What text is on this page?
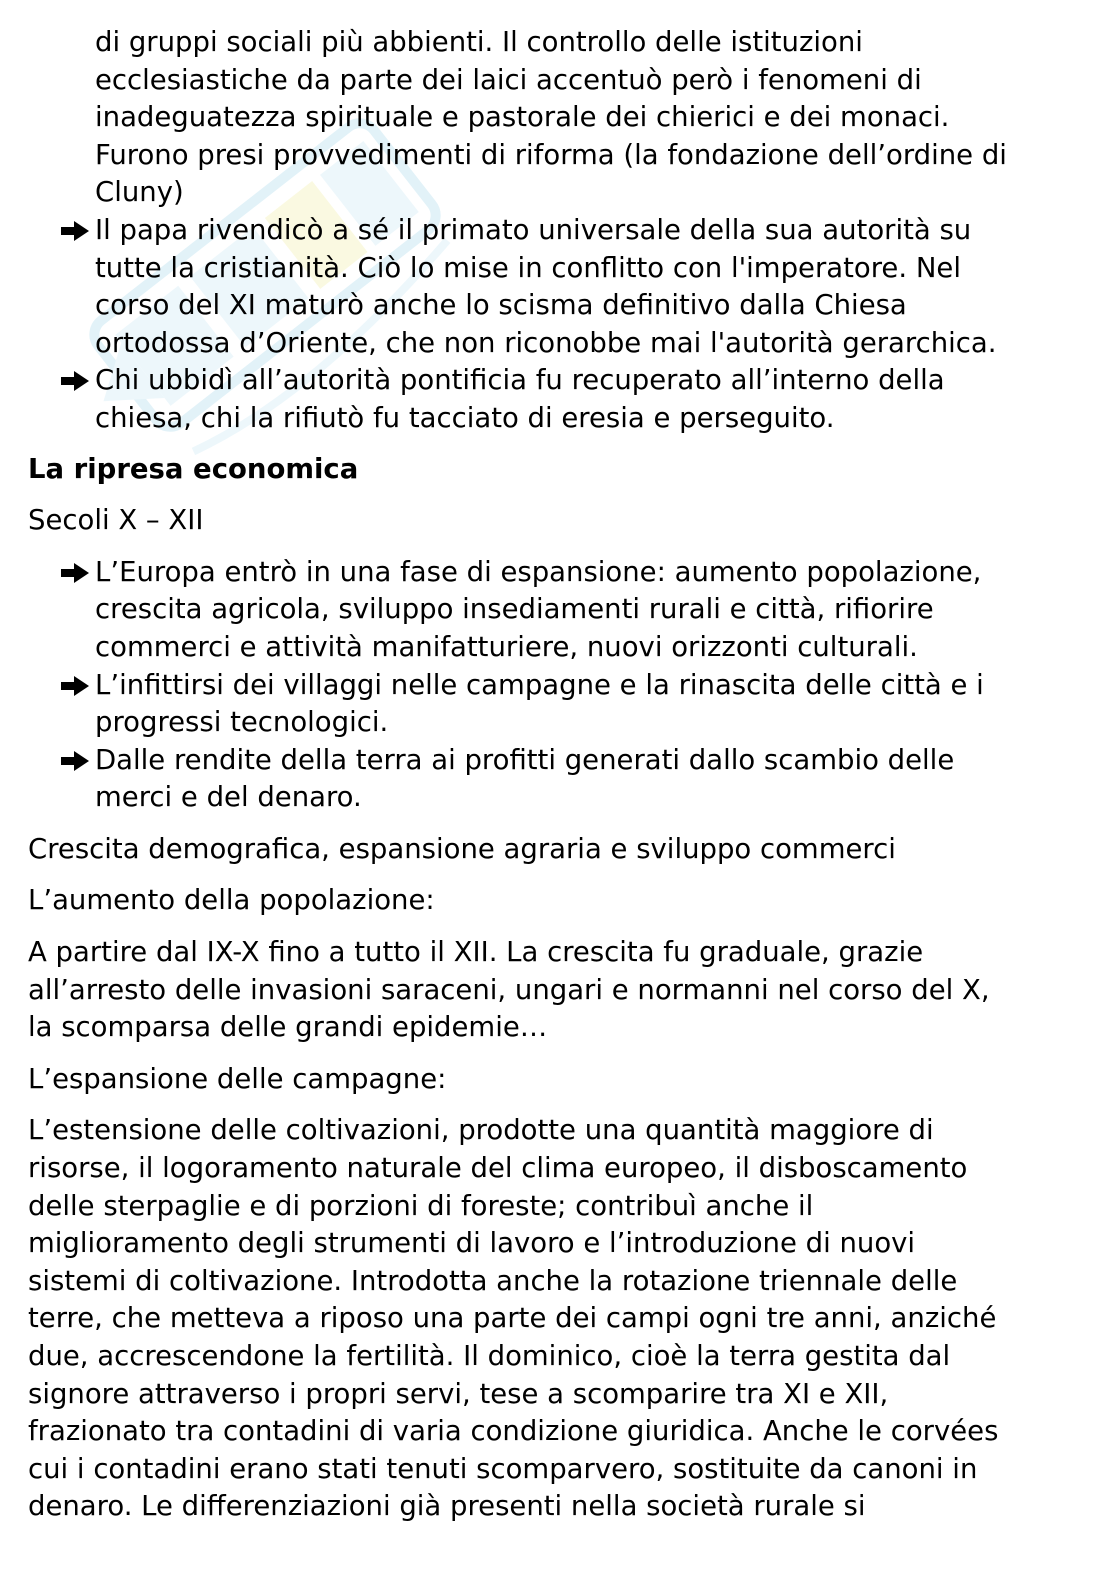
di gruppi sociali più abbienti. Il controllo delle istituzioni
ecclesiastiche da parte dei laici accentuò però i fenomeni di
inadeguatezza spirituale e pastorale dei chierici e dei monaci.
Furono presi provvedimenti di riforma (la fondazione dell’ordine di
Cluny)
Il papa rivendicò a sé il primato universale della sua autorità su
tutte la cristianità. Ciò lo mise in conflitto con l'imperatore. Nel
corso del XI maturò anche lo scisma definitivo dalla Chiesa
ortodossa d’Oriente, che non riconobbe mai l'autorità gerarchica.
Chi ubbidì all’autorità pontificia fu recuperato all’interno della
chiesa, chi la rifiutò fu tacciato di eresia e perseguito.
La ripresa economica
Secoli X – XII
L’Europa entrò in una fase di espansione: aumento popolazione,
crescita agricola, sviluppo insediamenti rurali e città, rifiorire
commerci e attività manifatturiere, nuovi orizzonti culturali.
L’infittirsi dei villaggi nelle campagne e la rinascita delle città e i
progressi tecnologici.
Dalle rendite della terra ai profitti generati dallo scambio delle
merci e del denaro.
Crescita demografica, espansione agraria e sviluppo commerci
L’aumento della popolazione:
A partire dal IX-X fino a tutto il XII. La crescita fu graduale, grazie
all’arresto delle invasioni saraceni, ungari e normanni nel corso del X,
la scomparsa delle grandi epidemie…
L’espansione delle campagne:
L’estensione delle coltivazioni, prodotte una quantità maggiore di
risorse, il logoramento naturale del clima europeo, il disboscamento
delle sterpaglie e di porzioni di foreste; contribuì anche il
miglioramento degli strumenti di lavoro e l’introduzione di nuovi
sistemi di coltivazione. Introdotta anche la rotazione triennale delle
terre, che metteva a riposo una parte dei campi ogni tre anni, anziché
due, accrescendone la fertilità. Il dominico, cioè la terra gestita dal
signore attraverso i propri servi, tese a scomparire tra XI e XII,
frazionato tra contadini di varia condizione giuridica. Anche le corvées
cui i contadini erano stati tenuti scomparvero, sostituite da canoni in
denaro. Le differenziazioni già presenti nella società rurale si
